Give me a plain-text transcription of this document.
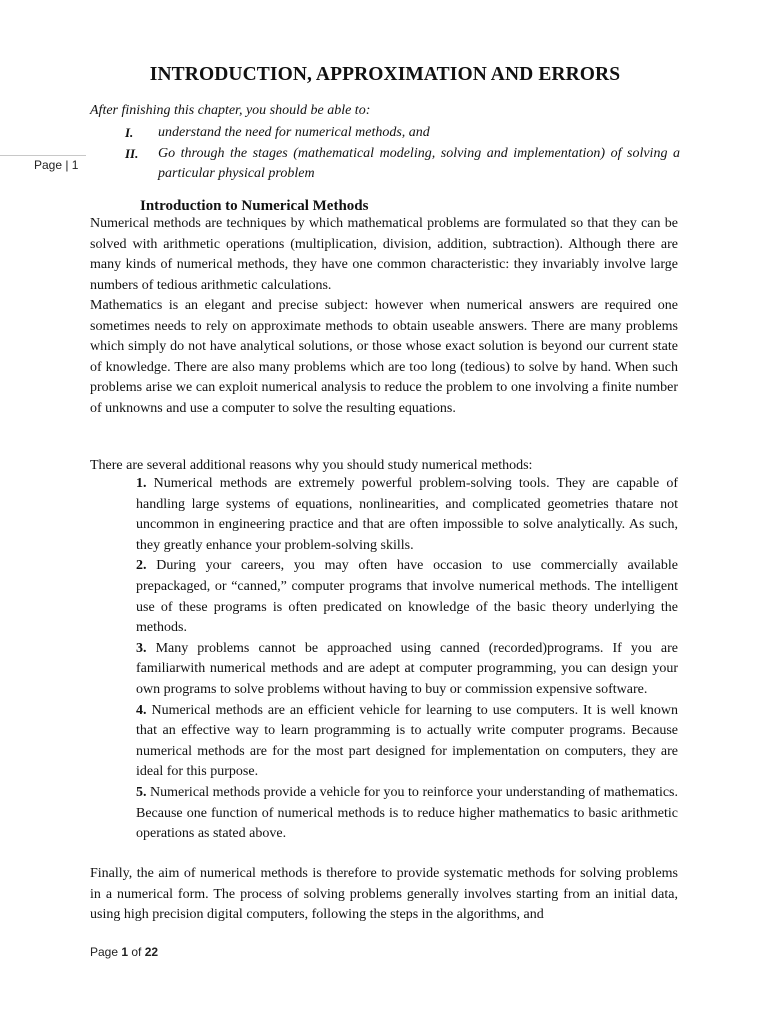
Page | 1
INTRODUCTION, APPROXIMATION AND ERRORS
After finishing this chapter, you should be able to:
I. understand the need for numerical methods, and
II. Go through the stages (mathematical modeling, solving and implementation) of solving a particular physical problem
Introduction to Numerical Methods

Numerical methods are techniques by which mathematical problems are formulated so that they can be solved with arithmetic operations (multiplication, division, addition, subtraction). Although there are many kinds of numerical methods, they have one common characteristic: they invariably involve large numbers of tedious arithmetic calculations.

Mathematics is an elegant and precise subject: however when numerical answers are required one sometimes needs to rely on approximate methods to obtain useable answers. There are many problems which simply do not have analytical solutions, or those whose exact solution is beyond our current state of knowledge. There are also many problems which are too long (tedious) to solve by hand. When such problems arise we can exploit numerical analysis to reduce the problem to one involving a finite number of unknowns and use a computer to solve the resulting equations.

There are several additional reasons why you should study numerical methods:

1. Numerical methods are extremely powerful problem-solving tools. They are capable of handling large systems of equations, nonlinearities, and complicated geometries thatare not uncommon in engineering practice and that are often impossible to solve analytically. As such, they greatly enhance your problem-solving skills.

2. During your careers, you may often have occasion to use commercially available prepackaged, or “canned,” computer programs that involve numerical methods. The intelligent use of these programs is often predicated on knowledge of the basic theory underlying the methods.

3. Many problems cannot be approached using canned (recorded)programs. If you are familiarwith numerical methods and are adept at computer programming, you can design your own programs to solve problems without having to buy or commission expensive software.

4. Numerical methods are an efficient vehicle for learning to use computers. It is well known that an effective way to learn programming is to actually write computer programs. Because numerical methods are for the most part designed for implementation on computers, they are ideal for this purpose.

5. Numerical methods provide a vehicle for you to reinforce your understanding of mathematics. Because one function of numerical methods is to reduce higher mathematics to basic arithmetic operations as stated above.

Finally, the aim of numerical methods is therefore to provide systematic methods for solving problems in a numerical form. The process of solving problems generally involves starting from an initial data, using high precision digital computers, following the steps in the algorithms, and

Page 1 of 22
